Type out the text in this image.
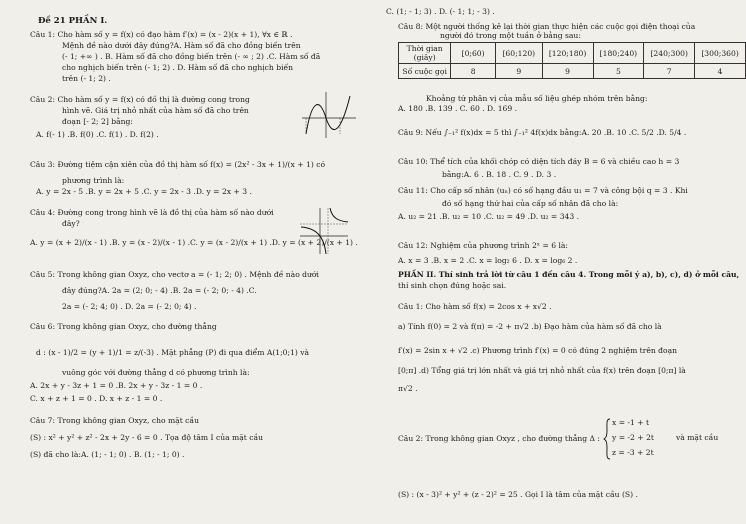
Đề 21 PHẦN I.
C. (1; - 1; 3) . D. (- 1; 1; - 3) .
Câu 1: Cho hàm số y = f(x) có đạo hàm f′(x) = (x - 2)(x + 1), ∀x ∈ ℝ .
Mệnh đề nào dưới đây đúng?A. Hàm số đã cho đồng biến trên
(- 1; +∞ ) . B. Hàm số đã cho đồng biến trên (- ∞ ; 2) .C. Hàm số đã
cho nghịch biến trên (- 1; 2) . D. Hàm số đã cho nghịch biến
trên (- 1; 2) .
Câu 2: Cho hàm số y = f(x) có đồ thị là đường cong trong
hình vẽ. Giá trị nhỏ nhất của hàm số đã cho trên
đoạn [- 2; 2] bằng:
A. f(- 1) .B. f(0) .C. f(1) . D. f(2) .
Câu 3: Đường tiệm cận xiên của đồ thị hàm số f(x) = (2x² - 3x + 1)/(x + 1) có
phương trình là:
A. y = 2x - 5 .B. y = 2x + 5 .C. y = 2x - 3 .D. y = 2x + 3 .
Câu 4: Đường cong trong hình vẽ là đồ thị của hàm số nào dưới
đây?
A. y = (x + 2)/(x - 1) .B. y = (x - 2)/(x - 1) .C. y = (x - 2)/(x + 1) .D. y = (x + 2)/(x + 1) .
Câu 5: Trong không gian Oxyz, cho vectơ a = (- 1; 2; 0) . Mệnh đề nào dưới
đây đúng?A. 2a = (2; 0; - 4) .B. 2a = (- 2; 0; - 4) .C.
2a = (- 2; 4; 0) . D. 2a = (- 2; 0; 4) .
Câu 6: Trong không gian Oxyz, cho đường thẳng
d : (x - 1)/2 = (y + 1)/1 = z/(-3) . Mặt phẳng (P) đi qua điểm A(1;0;1) và
vuông góc với đường thẳng d có phương trình là:
A. 2x + y - 3z + 1 = 0 .B. 2x + y - 3z - 1 = 0 .
C. x + z + 1 = 0 . D. x + z - 1 = 0 .
Câu 7: Trong không gian Oxyz, cho mặt cầu
(S) : x² + y² + z² - 2x + 2y - 6 = 0 . Tọa độ tâm I của mặt cầu
(S) đã cho là:A. (1; - 1; 0) . B. (1; - 1; 0) .
Câu 8: Một người thống kê lại thời gian thực hiện các cuộc gọi điện thoại của
người đó trong một tuần ở bảng sau:
Thời gian (giây)	[0;60)	[60;120)	[120;180)	[180;240)	[240;300)	[300;360)
Số cuộc gọi	8	9	9	5	7	4
Khoảng tứ phân vị của mẫu số liệu ghép nhóm trên bằng:
A. 180 .B. 139 . C. 60 . D. 169 .
Câu 9: Nếu ∫₋₁² f(x)dx = 5 thì ∫₋₁² 4f(x)dx bằng:A. 20 .B. 10 .C. 5/2 .D. 5/4 .
Câu 10: Thể tích của khối chóp có diện tích đáy B = 6 và chiều cao h = 3
bằng:A. 6 . B. 18 . C. 9 . D. 3 .
Câu 11: Cho cấp số nhân (uₙ) có số hạng đầu u₁ = 7 và công bội q = 3 . Khi
đó số hạng thứ hai của cấp số nhân đã cho là:
A. u₂ = 21 .B. u₂ = 10 .C. u₂ = 49 .D. u₂ = 343 .
Câu 12: Nghiệm của phương trình 2ˣ = 6 là:
A. x = 3 .B. x = 2 .C. x = log₂ 6 . D. x = log₆ 2 .
PHẦN II. Thí sinh trả lời từ câu 1 đến câu 4. Trong mỗi ý a), b), c), d) ở mỗi câu,
thí sinh chọn đúng hoặc sai.
Câu 1: Cho hàm số f(x) = 2cos x + x√2 .
a) Tính f(0) = 2 và f(π) = -2 + π√2 .b) Đạo hàm của hàm số đã cho là
f′(x) = 2sin x + √2 .c) Phương trình f′(x) = 0 có đúng 2 nghiệm trên đoạn
[0;π] .d) Tổng giá trị lớn nhất và giá trị nhỏ nhất của f(x) trên đoạn [0;π] là
π√2 .
Câu 2: Trong không gian Oxyz , cho đường thẳng Δ :
x = -1 + t
y = -2 + 2t
z = -3 + 2t
và mặt cầu
(S) : (x - 3)² + y² + (z - 2)² = 25 . Gọi I là tâm của mặt cầu (S) .
